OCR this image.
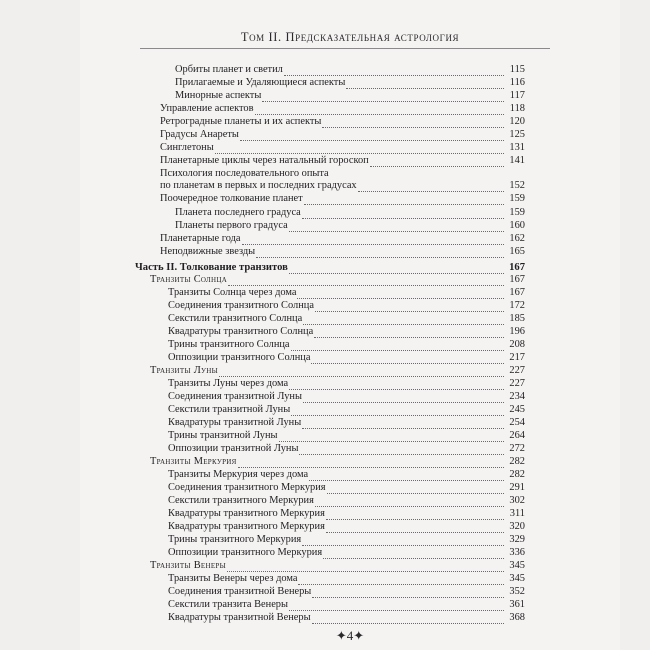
Том II. Предсказательная астрология
Орбиты планет и светил	115
Прилагаемые и Удаляющиеся аспекты	116
Минорные аспекты	117
Управление аспектов	118
Ретроградные планеты и их аспекты	120
Градусы Анареты	125
Синглетоны	131
Планетарные циклы через натальный гороскоп	141
Психология последовательного опыта
по планетам в первых и последних градусах	152
Поочередное толкование планет	159
Планета последнего градуса	159
Планеты первого градуса	160
Планетарные года	162
Неподвижные звезды	165
Часть II. Толкование транзитов	167
Транзиты Солнца	167
Транзиты Солнца через дома	167
Соединения транзитного Солнца	172
Секстили транзитного Солнца	185
Квадратуры транзитного Солнца	196
Трины транзитного Солнца	208
Оппозиции транзитного Солнца	217
Транзиты Луны	227
Транзиты Луны через дома	227
Соединения транзитной Луны	234
Секстили транзитной Луны	245
Квадратуры транзитной Луны	254
Трины транзитной Луны	264
Оппозиции транзитной Луны	272
Транзиты Меркурия	282
Транзиты Меркурия через дома	282
Соединения транзитного Меркурия	291
Секстили транзитного Меркурия	302
Квадратуры транзитного Меркурия	311
Квадратуры транзитного Меркурия	320
Трины транзитного Меркурия	329
Оппозиции транзитного Меркурия	336
Транзиты Венеры	345
Транзиты Венеры через дома	345
Соединения транзитной Венеры	352
Секстили транзита Венеры	361
Квадратуры транзитной Венеры	368
✦4✦
